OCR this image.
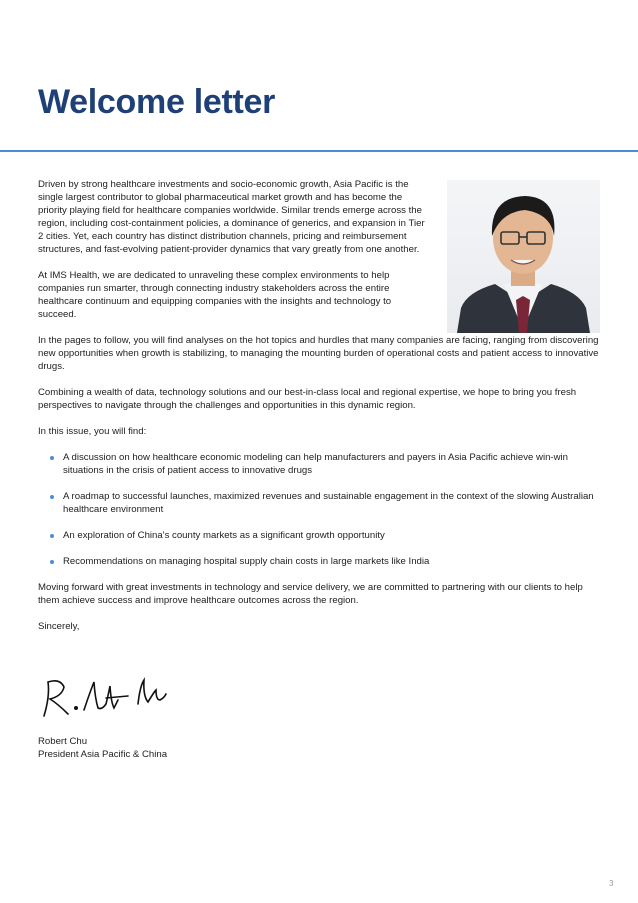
Welcome letter

Driven by strong healthcare investments and socio-economic growth, Asia Pacific is the single largest contributor to global pharmaceutical market growth and has become the priority playing field for healthcare companies worldwide. Similar trends emerge across the region, including cost-containment policies, a dominance of generics, and expansion in Tier 2 cities. Yet, each country has distinct distribution channels, pricing and reimbursement structures, and fast-evolving patient-provider dynamics that vary greatly from one another.

At IMS Health, we are dedicated to unraveling these complex environments to help companies run smarter, through connecting industry stakeholders across the entire healthcare continuum and equipping companies with the insights and technology to succeed.

In the pages to follow, you will find analyses on the hot topics and hurdles that many companies are facing, ranging from discovering new opportunities when growth is stabilizing, to managing the mounting burden of operational costs and patient access to innovative drugs.

Combining a wealth of data, technology solutions and our best-in-class local and regional expertise, we hope to bring you fresh perspectives to navigate through the challenges and opportunities in this dynamic region.

In this issue, you will find:

A discussion on how healthcare economic modeling can help manufacturers and payers in Asia Pacific achieve win-win situations in the crisis of patient access to innovative drugs
A roadmap to successful launches, maximized revenues and sustainable engagement in the context of the slowing Australian healthcare environment
An exploration of China's county markets as a significant growth opportunity
Recommendations on managing hospital supply chain costs in large markets like India

Moving forward with great investments in technology and service delivery, we are committed to partnering with our clients to help them achieve success and improve healthcare outcomes across the region.

Sincerely,

Robert Chu
President Asia Pacific & China
3
